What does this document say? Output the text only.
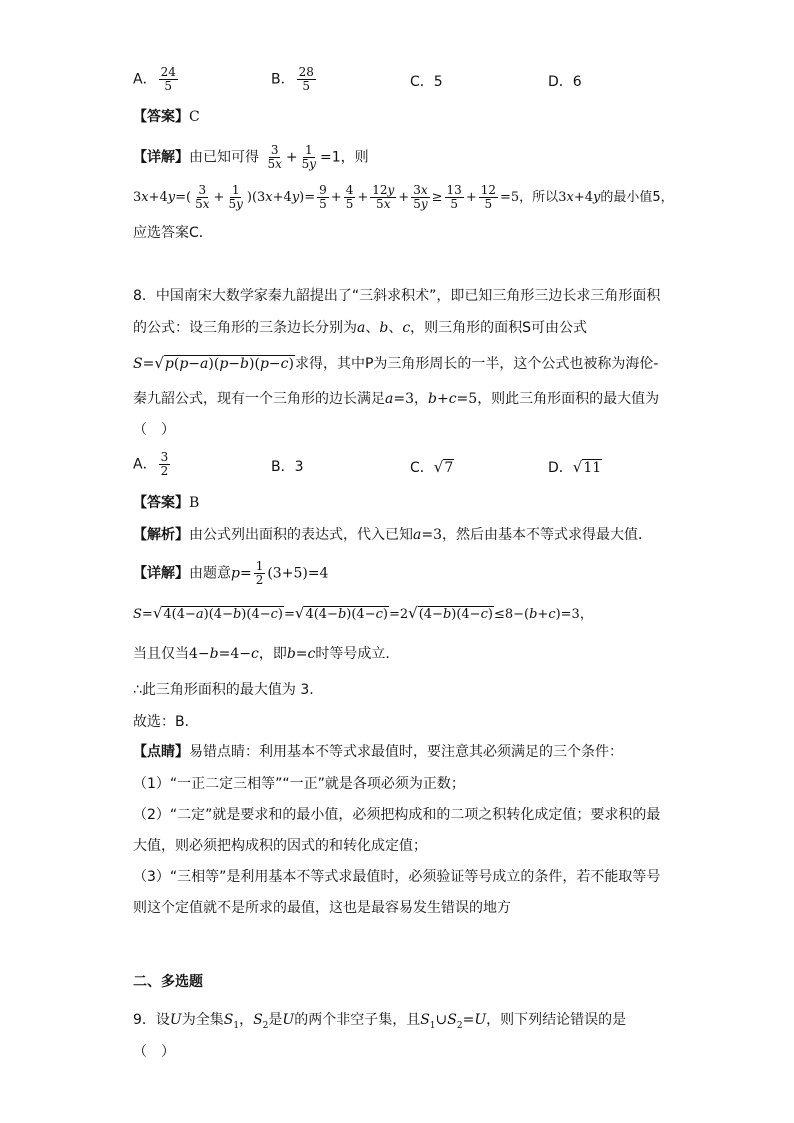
A． $\frac{24}{5}$	B． $\frac{28}{5}$	C．5	D．6
【答案】C
【详解】由已知可得 $\frac{3}{5x} + \frac{1}{5y} =1$，则
$3x+4y=( \frac{3}{5x} + \frac{1}{5y} )(3x+4y)= \frac{9}{5} + \frac{4}{5} + \frac{12y}{5x} + \frac{3x}{5y} \ge \frac{13}{5} + \frac{12}{5} =5$，所以3x+4y的最小值5，
应选答案C．
8．中国南宋大数学家秦九韶提出了“三斜求积术”，即已知三角形三边长求三角形面积
的公式：设三角形的三条边长分别为a、b、c，则三角形的面积S可由公式
S=√p(p−a)(p−b)(p−c)求得，其中P为三角形周长的一半，这个公式也被称为海伦-
秦九韶公式，现有一个三角形的边长满足a=3，b+c=5，则此三角形面积的最大值为
（　）
A． $\frac{3}{2}$	B．3	C．√7	D．√11
【答案】B
【解析】由公式列出面积的表达式，代入已知a=3，然后由基本不等式求得最大值．
【详解】由题意$p= \frac{1}{2} (3+5)=4$
S=√4(4−a)(4−b)(4−c)=√4(4−b)(4−c)=2√(4−b)(4−c)≤8−(b+c)=3，
当且仅当4−b=4−c，即b=c时等号成立.
∴此三角形面积的最大值为 3.
故选：B．
【点睛】易错点睛：利用基本不等式求最值时，要注意其必须满足的三个条件：
（1）“一正二定三相等”“一正”就是各项必须为正数；
（2）“二定”就是要求和的最小值，必须把构成和的二项之积转化成定值；要求积的最
大值，则必须把构成积的因式的和转化成定值；
（3）“三相等”是利用基本不等式求最值时，必须验证等号成立的条件，若不能取等号
则这个定值就不是所求的最值，这也是最容易发生错误的地方
二、多选题
9．设U为全集$S_1$，$S_2$是U的两个非空子集，且$S_1\cup S_2=U$，则下列结论错误的是
（　）
